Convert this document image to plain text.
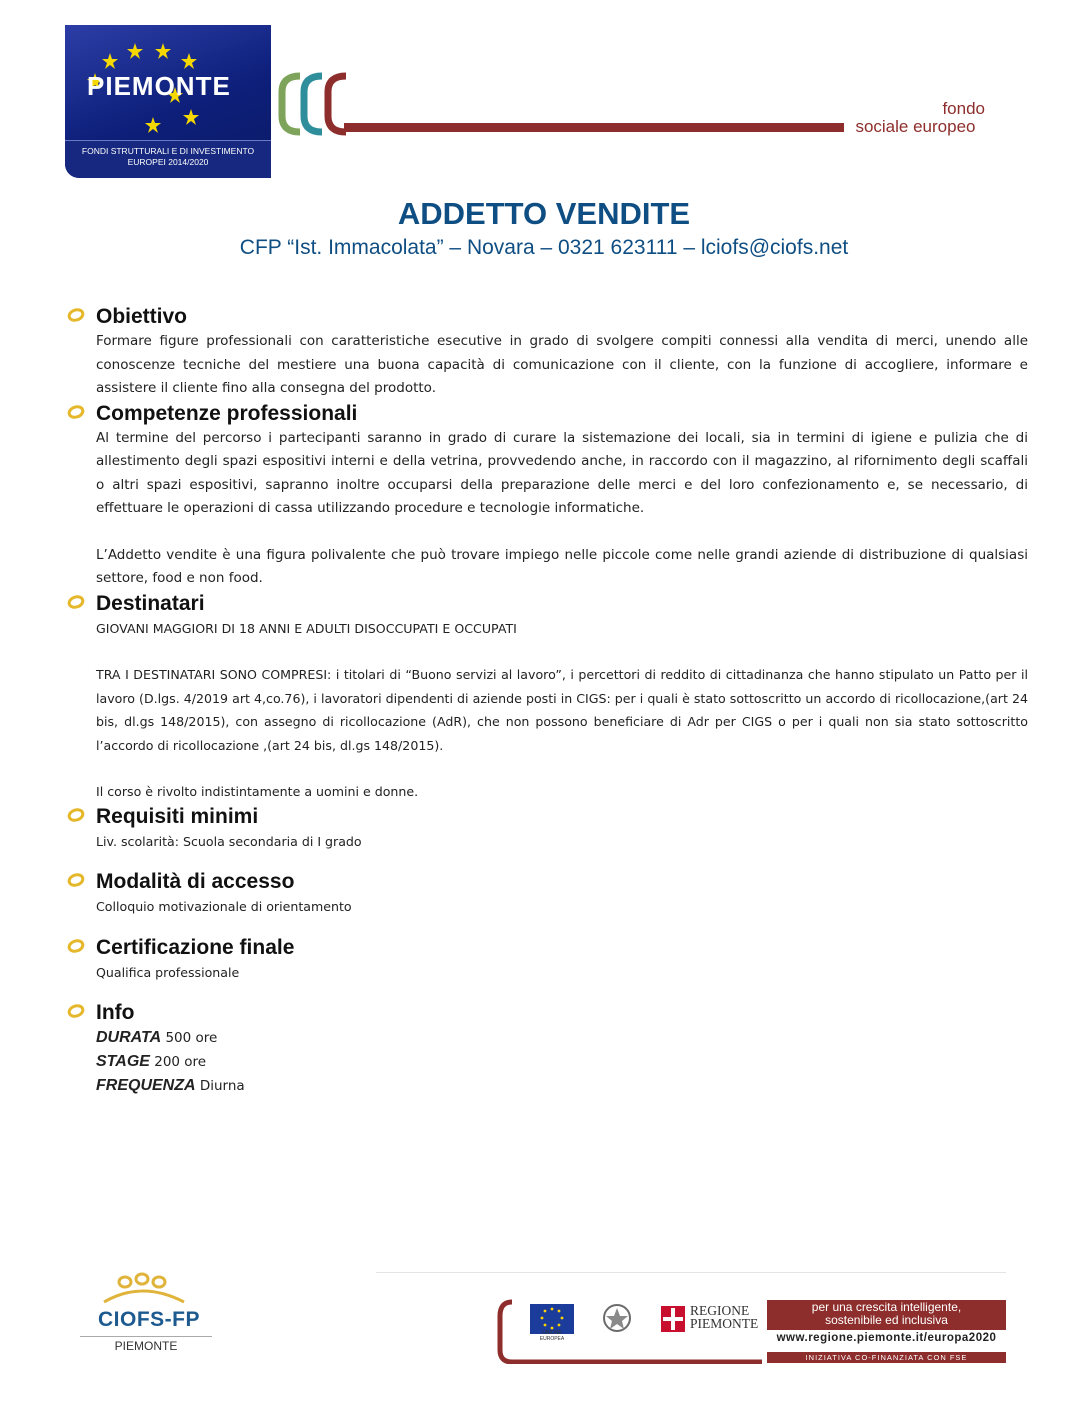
PIEMONTE
FONDI STRUTTURALI E DI INVESTIMENTO
EUROPEI 2014/2020
fondo
sociale europeo
ADDETTO VENDITE
CFP “Ist. Immacolata” – Novara – 0321 623111 – lciofs@ciofs.net
Obiettivo

Formare figure professionali con caratteristiche esecutive in grado di svolgere compiti connessi alla vendita di merci, unendo alle conoscenze tecniche del mestiere una buona capacità di comunicazione con il cliente, con la funzione di accogliere, informare e assistere il cliente fino alla consegna del prodotto.

Competenze professionali

Al termine del percorso i partecipanti saranno in grado di curare la sistemazione dei locali, sia in termini di igiene e pulizia che di allestimento degli spazi espositivi interni e della vetrina, provvedendo anche, in raccordo con il magazzino, al rifornimento degli scaffali o altri spazi espositivi, sapranno inoltre occuparsi della preparazione delle merci e del loro confezionamento e, se necessario, di effettuare le operazioni di cassa utilizzando procedure e tecnologie informatiche.

L’Addetto vendite è una figura polivalente che può trovare impiego nelle piccole come nelle grandi aziende di distribuzione di qualsiasi settore, food e non food.

Destinatari

GIOVANI MAGGIORI DI 18 ANNI E ADULTI DISOCCUPATI E OCCUPATI

TRA I DESTINATARI SONO COMPRESI: i titolari di “Buono servizi al lavoro”, i percettori di reddito di cittadinanza che hanno stipulato un Patto per il lavoro (D.lgs. 4/2019 art 4,co.76), i lavoratori dipendenti di aziende posti in CIGS: per i quali è stato sottoscritto un accordo di ricollocazione,(art 24 bis, dl.gs 148/2015), con assegno di ricollocazione (AdR), che non possono beneficiare di Adr per CIGS o per i quali non sia stato sottoscritto l’accordo di ricollocazione ,(art 24 bis, dl.gs 148/2015).

Il corso è rivolto indistintamente a uomini e donne.

Requisiti minimi

Liv. scolarità: Scuola secondaria di I grado

Modalità di accesso

Colloquio motivazionale di orientamento

Certificazione finale

Qualifica professionale

Info
DURATA 500 ore
STAGE 200 ore
FREQUENZA Diurna
CIOFS-FP
PIEMONTE
UNIONE EUROPEA
REGIONE
PIEMONTE
per una crescita intelligente,
sostenibile ed inclusiva
www.regione.piemonte.it/europa2020
INIZIATIVA CO-FINANZIATA CON FSE
